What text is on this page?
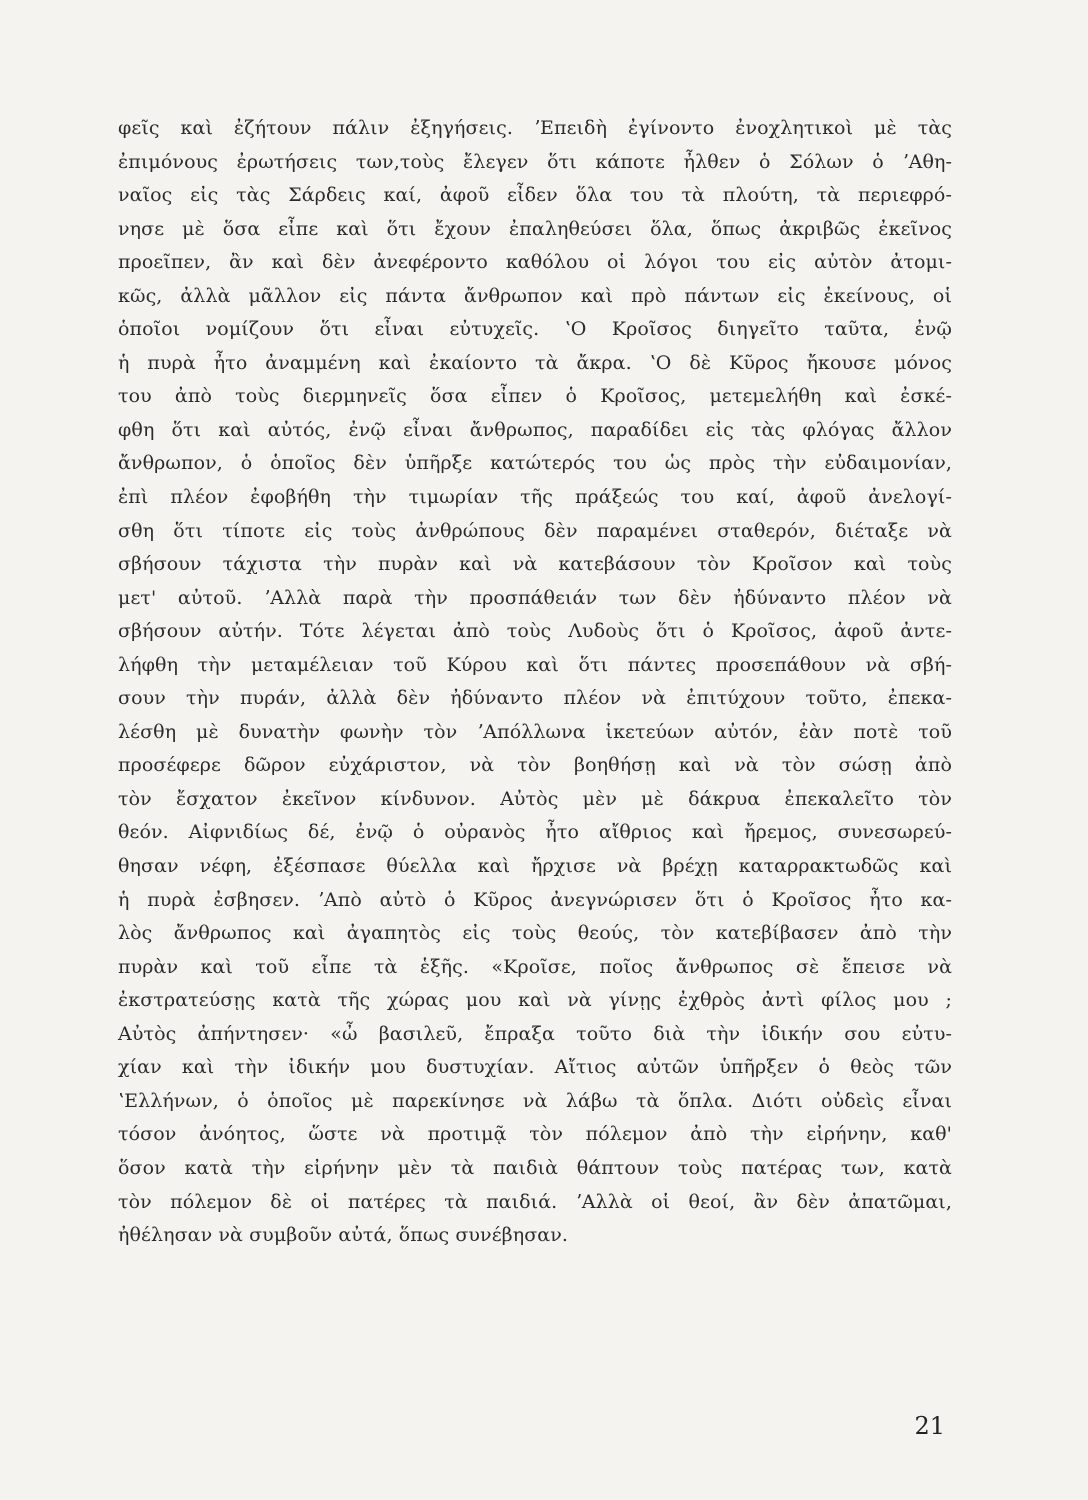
φεῖς καὶ ἐζήτουν πάλιν ἐξηγήσεις. ʼΕπειδὴ ἐγίνοντο ἐνοχλητικοὶ μὲ τὰς
ἐπιμόνους ἐρωτήσεις των,τοὺς ἔλεγεν ὅτι κάποτε ἦλθεν ὁ Σόλων ὁ ʼΑθη-
ναῖος εἰς τὰς Σάρδεις καί, ἀφοῦ εἶδεν ὅλα του τὰ πλούτη, τὰ περιεφρό-
νησε μὲ ὅσα εἶπε καὶ ὅτι ἔχουν ἐπαληθεύσει ὅλα, ὅπως ἀκριβῶς ἐκεῖνος
προεῖπεν, ἂν καὶ δὲν ἀνεφέροντο καθόλου οἱ λόγοι του εἰς αὐτὸν ἀτομι-
κῶς, ἀλλὰ μᾶλλον εἰς πάντα ἄνθρωπον καὶ πρὸ πάντων εἰς ἐκείνους, οἱ
ὁποῖοι νομίζουν ὅτι εἶναι εὐτυχεῖς. ʽΟ Κροῖσος διηγεῖτο ταῦτα, ἐνῷ
ἡ πυρὰ ἦτο ἀναμμένη καὶ ἐκαίοντο τὰ ἄκρα. ʽΟ δὲ Κῦρος ἤκουσε μόνος
του ἀπὸ τοὺς διερμηνεῖς ὅσα εἶπεν ὁ Κροῖσος, μετεμελήθη καὶ ἐσκέ-
φθη ὅτι καὶ αὐτός, ἐνῷ εἶναι ἄνθρωπος, παραδίδει εἰς τὰς φλόγας ἄλλον
ἄνθρωπον, ὁ ὁποῖος δὲν ὑπῆρξε κατώτερός του ὡς πρὸς τὴν εὐδαιμονίαν,
ἐπὶ πλέον ἐφοβήθη τὴν τιμωρίαν τῆς πράξεώς του καί, ἀφοῦ ἀνελογί-
σθη ὅτι τίποτε εἰς τοὺς ἀνθρώπους δὲν παραμένει σταθερόν, διέταξε νὰ
σβήσουν τάχιστα τὴν πυρὰν καὶ νὰ κατεβάσουν τὸν Κροῖσον καὶ τοὺς
μετ' αὐτοῦ. ʼΑλλὰ παρὰ τὴν προσπάθειάν των δὲν ἠδύναντο πλέον νὰ
σβήσουν αὐτήν. Τότε λέγεται ἀπὸ τοὺς Λυδοὺς ὅτι ὁ Κροῖσος, ἀφοῦ ἀντε-
λήφθη τὴν μεταμέλειαν τοῦ Κύρου καὶ ὅτι πάντες προσεπάθουν νὰ σβή-
σουν τὴν πυράν, ἀλλὰ δὲν ἠδύναντο πλέον νὰ ἐπιτύχουν τοῦτο, ἐπεκα-
λέσθη μὲ δυνατὴν φωνὴν τὸν ʼΑπόλλωνα ἱκετεύων αὐτόν, ἐὰν ποτὲ τοῦ
προσέφερε δῶρον εὐχάριστον, νὰ τὸν βοηθήσῃ καὶ νὰ τὸν σώσῃ ἀπὸ
τὸν ἔσχατον ἐκεῖνον κίνδυνον. Αὐτὸς μὲν μὲ δάκρυα ἐπεκαλεῖτο τὸν
θεόν. Αἰφνιδίως δέ, ἐνῷ ὁ οὐρανὸς ἦτο αἴθριος καὶ ἤρεμος, συνεσωρεύ-
θησαν νέφη, ἐξέσπασε θύελλα καὶ ἤρχισε νὰ βρέχῃ καταρρακτωδῶς καὶ
ἡ πυρὰ ἐσβησεν. ʼΑπὸ αὐτὸ ὁ Κῦρος ἀνεγνώρισεν ὅτι ὁ Κροῖσος ἦτο κα-
λὸς ἄνθρωπος καὶ ἀγαπητὸς εἰς τοὺς θεούς, τὸν κατεβίβασεν ἀπὸ τὴν
πυρὰν καὶ τοῦ εἶπε τὰ ἑξῆς. «Κροῖσε, ποῖος ἄνθρωπος σὲ ἔπεισε νὰ
ἐκστρατεύσῃς κατὰ τῆς χώρας μου καὶ νὰ γίνῃς ἐχθρὸς ἀντὶ φίλος μου ;
Αὐτὸς ἀπήντησεν· «ὦ βασιλεῦ, ἔπραξα τοῦτο διὰ τὴν ἰδικήν σου εὐτυ-
χίαν καὶ τὴν ἰδικήν μου δυστυχίαν. Αἴτιος αὐτῶν ὑπῆρξεν ὁ θεὸς τῶν
ʽΕλλήνων, ὁ ὁποῖος μὲ παρεκίνησε νὰ λάβω τὰ ὅπλα. Διότι οὐδεὶς εἶναι
τόσον ἀνόητος, ὥστε νὰ προτιμᾷ τὸν πόλεμον ἀπὸ τὴν εἰρήνην, καθ'
ὅσον κατὰ τὴν εἰρήνην μὲν τὰ παιδιὰ θάπτουν τοὺς πατέρας των, κατὰ
τὸν πόλεμον δὲ οἱ πατέρες τὰ παιδιά. ʼΑλλὰ οἱ θεοί, ἂν δὲν ἀπατῶμαι,
ἠθέλησαν νὰ συμβοῦν αὐτά, ὅπως συνέβησαν.
21
